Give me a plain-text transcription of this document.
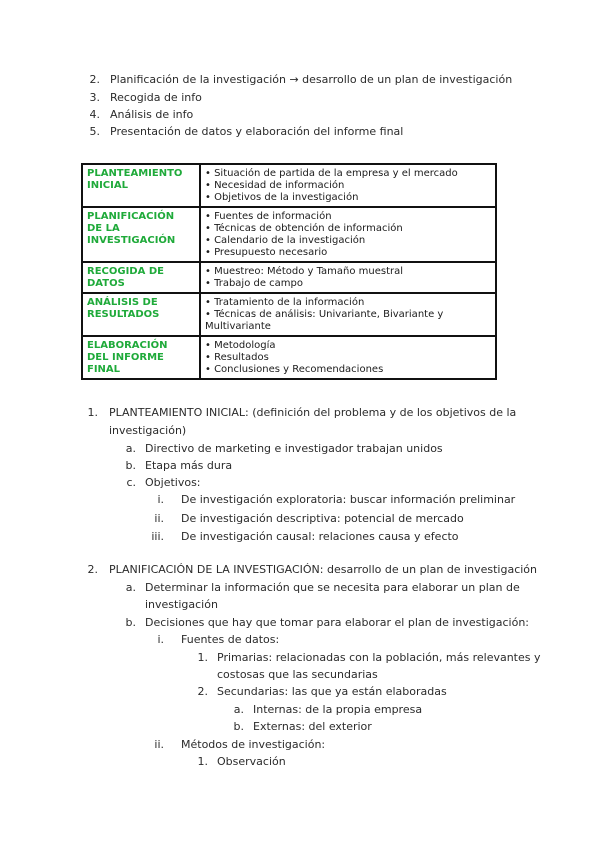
2. Planificación de la investigación → desarrollo de un plan de investigación
3. Recogida de info
4. Análisis de info
5. Presentación de datos y elaboración del informe final
PLANTEAMIENTO
INICIAL	• Situación de partida de la empresa y el mercado
• Necesidad de información
• Objetivos de la investigación

PLANIFICACIÓN
DE LA
INVESTIGACIÓN	• Fuentes de información
• Técnicas de obtención de información
• Calendario de la investigación
• Presupuesto necesario

RECOGIDA DE
DATOS	• Muestreo: Método y Tamaño muestral
• Trabajo de campo

ANÁLISIS DE
RESULTADOS	• Tratamiento de la información
• Técnicas de análisis: Univariante, Bivariante y
Multivariante

ELABORACIÓN
DEL INFORME
FINAL	• Metodología
• Resultados
• Conclusiones y Recomendaciones
1. PLANTEAMIENTO INICIAL: (definición del problema y de los objetivos de la
investigación)
a. Directivo de marketing e investigador trabajan unidos
b. Etapa más dura
c. Objetivos:
i. De investigación exploratoria: buscar información preliminar
ii. De investigación descriptiva: potencial de mercado
iii. De investigación causal: relaciones causa y efecto
2. PLANIFICACIÓN DE LA INVESTIGACIÓN: desarrollo de un plan de investigación
a. Determinar la información que se necesita para elaborar un plan de
investigación
b. Decisiones que hay que tomar para elaborar el plan de investigación:
i. Fuentes de datos:
1. Primarias: relacionadas con la población, más relevantes y
costosas que las secundarias
2. Secundarias: las que ya están elaboradas
a. Internas: de la propia empresa
b. Externas: del exterior
ii. Métodos de investigación:
1. Observación
